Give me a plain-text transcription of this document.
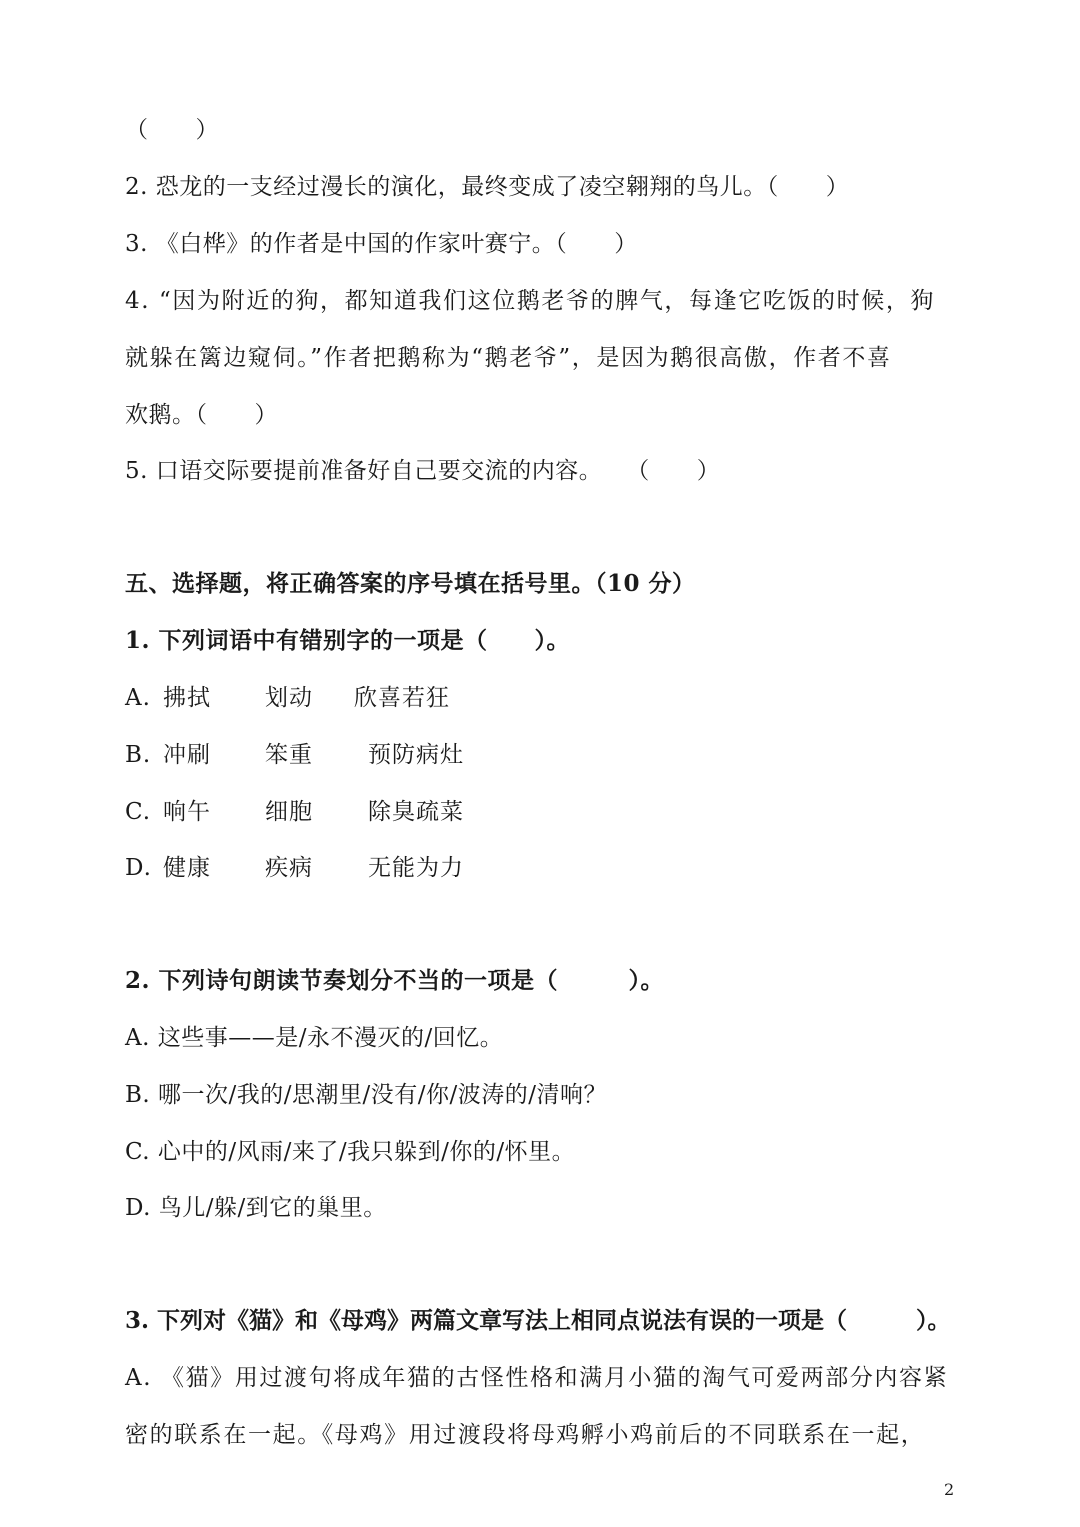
（　　）
2. 恐龙的一支经过漫长的演化，最终变成了凌空翱翔的鸟儿。（　　）
3. 《白桦》的作者是中国的作家叶赛宁。（　　）
4. “因为附近的狗，都知道我们这位鹅老爷的脾气，每逢它吃饭的时候，狗
就躲在篱边窥伺。”作者把鹅称为“鹅老爷”，是因为鹅很高傲，作者不喜
欢鹅。（　　）
5. 口语交际要提前准备好自己要交流的内容。　　（　　）
五、选择题，将正确答案的序号填在括号里。（10 分）
1. 下列词语中有错别字的一项是（　　）。
A. 拂拭 划动 欣喜若狂
B. 冲刷 笨重 预防病灶
C. 响午 细胞 除臭疏菜
D. 健康 疾病 无能为力
2. 下列诗句朗读节奏划分不当的一项是（　　　）。
A. 这些事——是/永不漫灭的/回忆。
B. 哪一次/我的/思潮里/没有/你/波涛的/清响？
C. 心中的/风雨/来了/我只躲到/你的/怀里。
D. 鸟儿/躲/到它的巢里。
3. 下列对《猫》和《母鸡》两篇文章写法上相同点说法有误的一项是（　　　）。
A. 《猫》用过渡句将成年猫的古怪性格和满月小猫的淘气可爱两部分内容紧
密的联系在一起。《母鸡》用过渡段将母鸡孵小鸡前后的不同联系在一起，
2
